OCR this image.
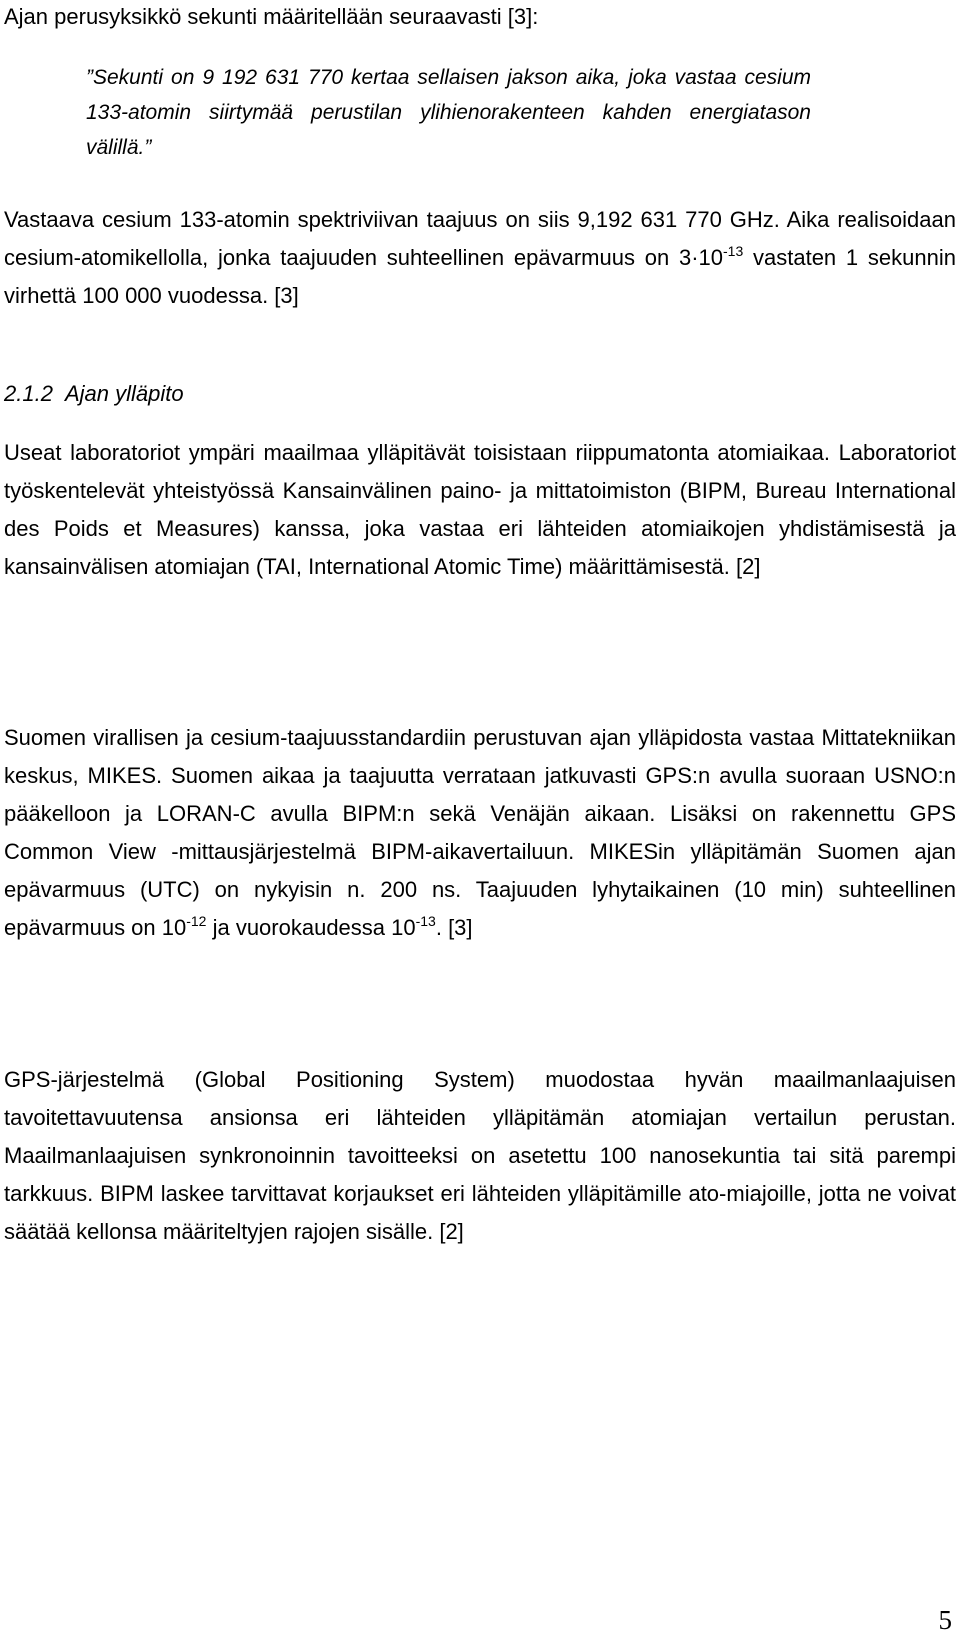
Ajan perusyksikkö sekunti määritellään seuraavasti [3]:

”Sekunti on 9 192 631 770 kertaa sellaisen jakson aika, joka vastaa cesium 133-atomin siirtymää perustilan ylihienorakenteen kahden energiatason välillä.”

Vastaava cesium 133-atomin spektriviivan taajuus on siis 9,192 631 770 GHz. Aika realisoidaan cesium-atomikellolla, jonka taajuuden suhteellinen epävarmuus on $3\cdot 10^{-13}$ vastaten 1 sekunnin virhettä 100 000 vuodessa. [3]

2.1.2 Ajan ylläpito

Useat laboratoriot ympäri maailmaa ylläpitävät toisistaan riippumatonta atomiaikaa. Laboratoriot työskentelevät yhteistyössä Kansainvälinen paino- ja mittatoimiston (BIPM, Bureau International des Poids et Measures) kanssa, joka vastaa eri lähteiden atomiaikojen yhdistämisestä ja kansainvälisen atomiajan (TAI, International Atomic Time) määrittämisestä. [2]

Suomen virallisen ja cesium-taajuusstandardiin perustuvan ajan ylläpidosta vastaa Mittatekniikan keskus, MIKES. Suomen aikaa ja taajuutta verrataan jatkuvasti GPS:n avulla suoraan USNO:n pääkelloon ja LORAN-C avulla BIPM:n sekä Venäjän aikaan. Lisäksi on rakennettu GPS Common View -mittausjärjestelmä BIPM-aikavertailuun. MIKESin ylläpitämän Suomen ajan epävarmuus (UTC) on nykyisin n. 200 ns. Taajuuden lyhytaikainen (10 min) suhteellinen epävarmuus on $10^{-12}$ ja vuorokaudessa $10^{-13}$. [3]

GPS-järjestelmä (Global Positioning System) muodostaa hyvän maailmanlaajuisen tavoitettavuutensa ansionsa eri lähteiden ylläpitämän atomiajan vertailun perustan. Maailmanlaajuisen synkronoinnin tavoitteeksi on asetettu 100 nanosekuntia tai sitä parempi tarkkuus. BIPM laskee tarvittavat korjaukset eri lähteiden ylläpitämille ato-miajoille, jotta ne voivat säätää kellonsa määriteltyjen rajojen sisälle. [2]

5
